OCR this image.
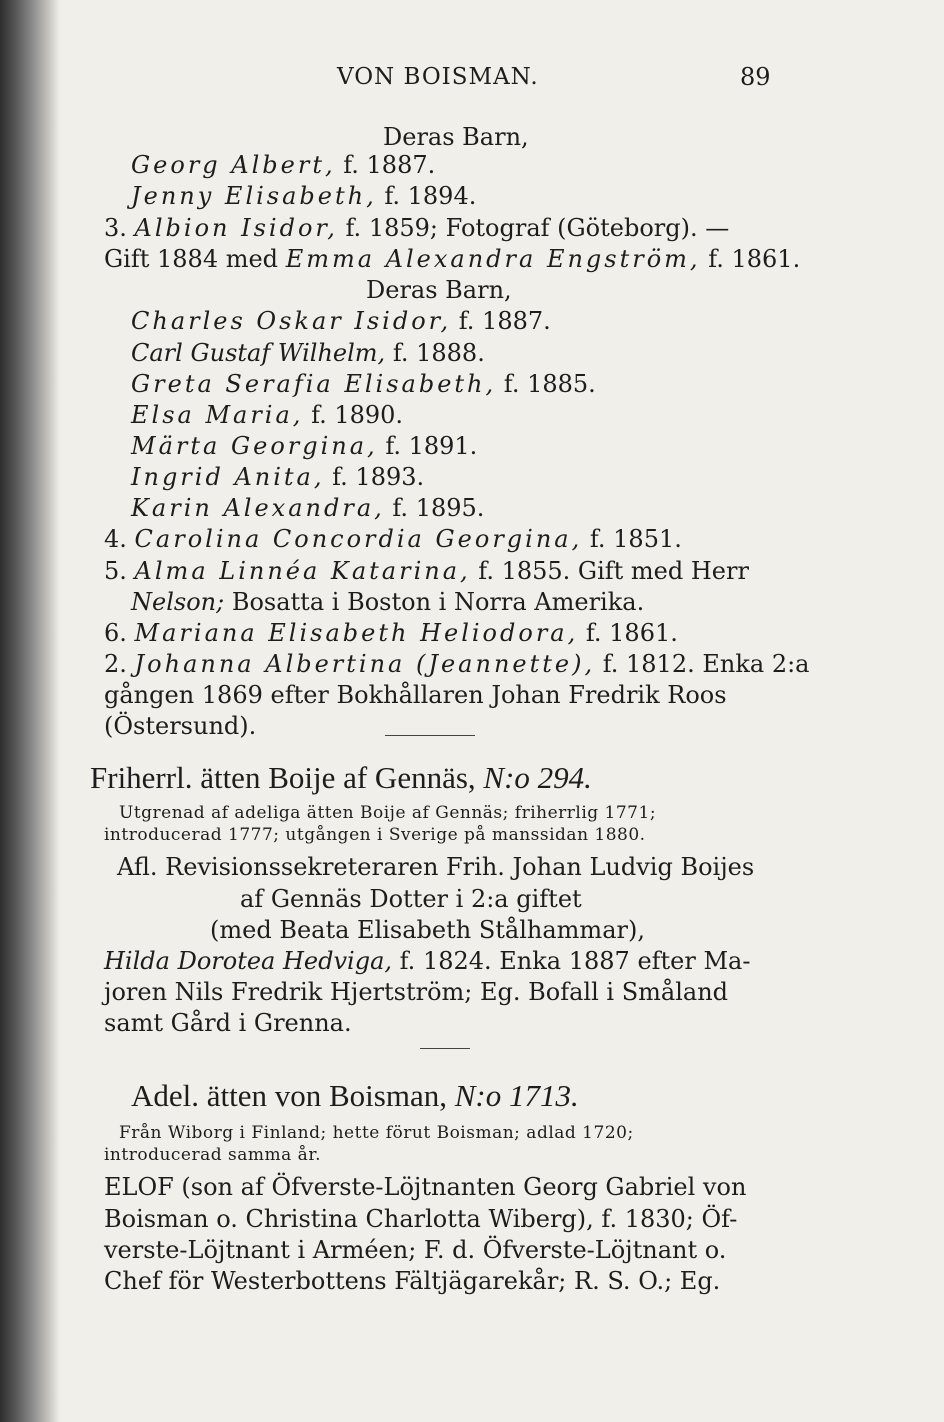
VON BOISMAN.	89
Deras Barn,
Georg Albert, f. 1887.
Jenny Elisabeth, f. 1894.
3. Albion Isidor, f. 1859; Fotograf (Göteborg). —
Gift 1884 med Emma Alexandra Engström, f. 1861.
Deras Barn,
Charles Oskar Isidor, f. 1887.
Carl Gustaf Wilhelm, f. 1888.
Greta Serafia Elisabeth, f. 1885.
Elsa Maria, f. 1890.
Märta Georgina, f. 1891.
Ingrid Anita, f. 1893.
Karin Alexandra, f. 1895.
4. Carolina Concordia Georgina, f. 1851.
5. Alma Linnéa Katarina, f. 1855. Gift med Herr
Nelson; Bosatta i Boston i Norra Amerika.
6. Mariana Elisabeth Heliodora, f. 1861.
2. Johanna Albertina (Jeannette), f. 1812. Enka 2:a
gången 1869 efter Bokhållaren Johan Fredrik Roos
(Östersund).
Friherrl. ätten Boije af Gennäs, N:o 294.
Utgrenad af adeliga ätten Boije af Gennäs; friherrlig 1771;
introducerad 1777; utgången i Sverige på manssidan 1880.
Afl. Revisionssekreteraren Frih. Johan Ludvig Boijes
af Gennäs Dotter i 2:a giftet
(med Beata Elisabeth Stålhammar),
Hilda Dorotea Hedviga, f. 1824. Enka 1887 efter Ma-
joren Nils Fredrik Hjertström; Eg. Bofall i Småland
samt Gård i Grenna.
Adel. ätten von Boisman, N:o 1713.
Från Wiborg i Finland; hette förut Boisman; adlad 1720;
introducerad samma år.
ELOF (son af Öfverste-Löjtnanten Georg Gabriel von
Boisman o. Christina Charlotta Wiberg), f. 1830; Öf-
verste-Löjtnant i Arméen; F. d. Öfverste-Löjtnant o.
Chef för Westerbottens Fältjägarekår; R. S. O.; Eg.
